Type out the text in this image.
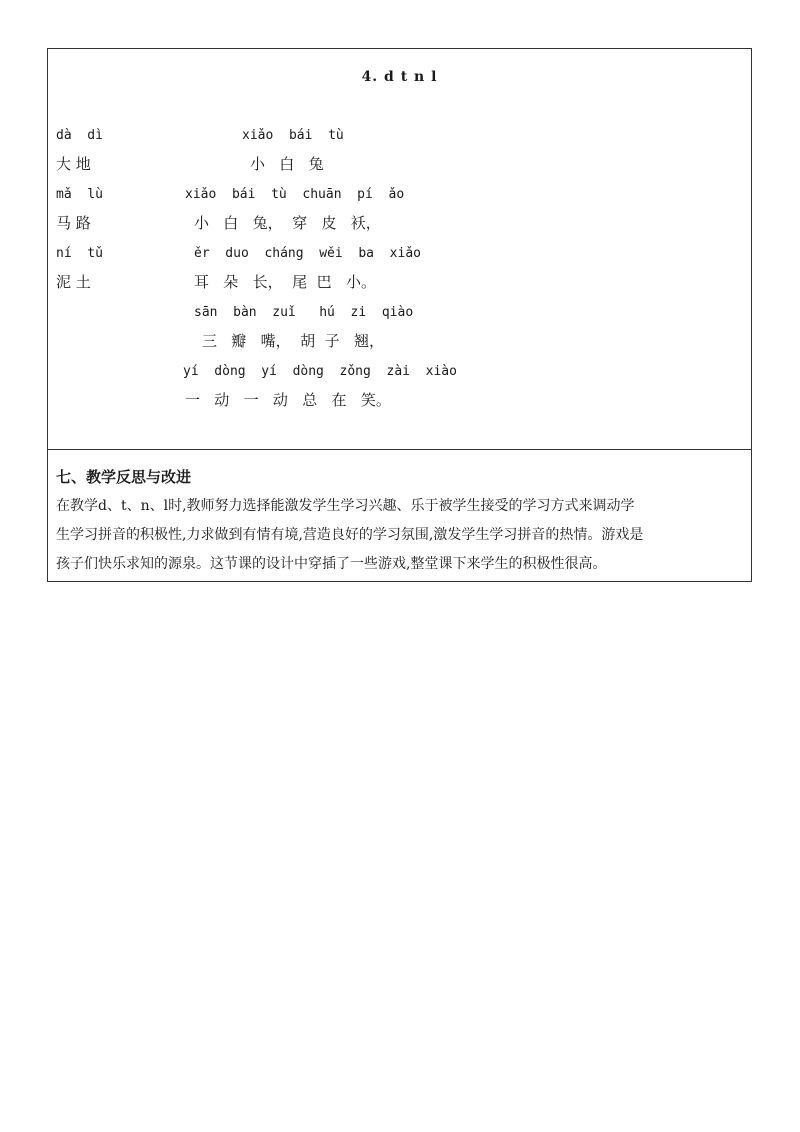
4. d t n l
dà  dì
大 地
mǎ  lù
马 路
ní  tǔ
泥 土
xiǎo  bái  tù
小   白   兔
xiǎo  bái  tù  chuān  pí  ǎo
小   白   兔，  穿   皮   袄，
ěr  duo  cháng  wěi  ba  xiǎo
耳   朵   长，  尾  巴   小。
sān  bàn  zuǐ   hú  zi  qiào
三   瓣   嘴，  胡  子   翘，
yí  dòng  yí  dòng  zǒng  zài  xiào
一   动   一   动   总   在   笑。
七、教学反思与改进
在教学d、t、n、l时,教师努力选择能激发学生学习兴趣、乐于被学生接受的学习方式来调动学
生学习拼音的积极性,力求做到有情有境,营造良好的学习氛围,激发学生学习拼音的热情。游戏是
孩子们快乐求知的源泉。这节课的设计中穿插了一些游戏,整堂课下来学生的积极性很高。
